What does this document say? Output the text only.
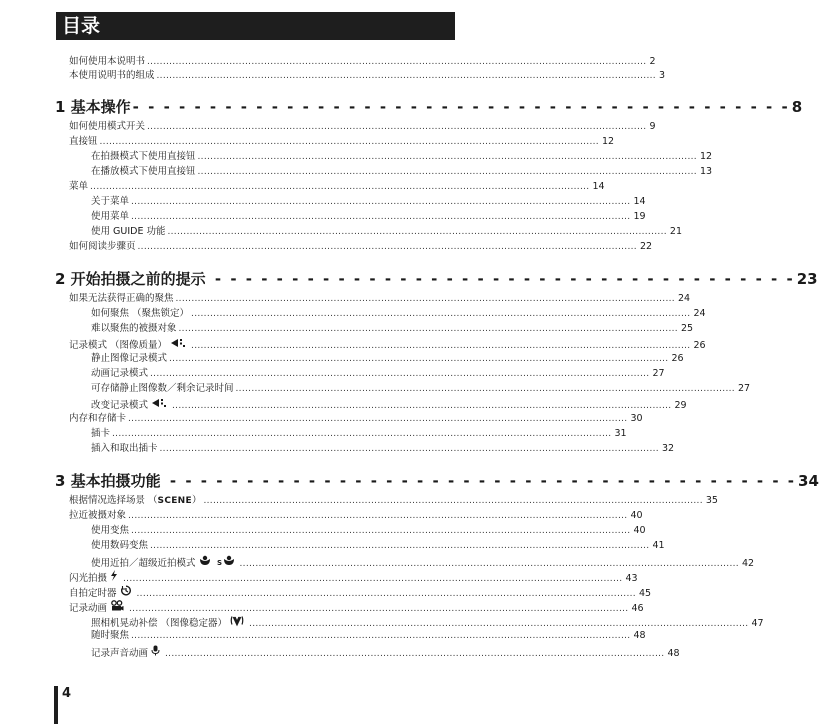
目录
如何使用本说明书 .............................................................................................................................................................. 2
本使用说明书的组成 .............................................................................................................................................................. 3
1 基本操作 - - - - - - - - - - - - - - - - - - - - - - - - - - - - - - - - - - - - - - - - - - - 8
如何使用模式开关 .............................................................................................................................................................. 9
直接钮 .............................................................................................................................................................. 12
在拍摄模式下使用直接钮 .............................................................................................................................................................. 12
在播放模式下使用直接钮 .............................................................................................................................................................. 13
菜单 .............................................................................................................................................................. 14
关于菜单 .............................................................................................................................................................. 14
使用菜单 .............................................................................................................................................................. 19
使用 GUIDE 功能 .............................................................................................................................................................. 21
如何阅读步骤页 .............................................................................................................................................................. 22
2 开始拍摄之前的提示 - - - - - - - - - - - - - - - - - - - - - - - - - - - - - - - - - - - - - - 23
如果无法获得正确的聚焦 .............................................................................................................................................................. 24
如何聚焦 （聚焦锁定） .............................................................................................................................................................. 24
难以聚焦的被摄对象 .............................................................................................................................................................. 25
记录模式 （图像质量）	.............................................................................................................................................................. 26
静止图像记录模式 .............................................................................................................................................................. 26
动画记录模式 .............................................................................................................................................................. 27
可存储静止图像数／剩余记录时间 .............................................................................................................................................................. 27
改变记录模式	.............................................................................................................................................................. 29
内存和存储卡 .............................................................................................................................................................. 30
插卡 .............................................................................................................................................................. 31
插入和取出插卡 .............................................................................................................................................................. 32
3 基本拍摄功能 - - - - - - - - - - - - - - - - - - - - - - - - - - - - - - - - - - - - - - - - - 34
根据情况选择场景 （ SCENE ） .............................................................................................................................................................. 35
拉近被摄对象 .............................................................................................................................................................. 40
使用变焦 .............................................................................................................................................................. 40
使用数码变焦 .............................................................................................................................................................. 41
使用近拍／超级近拍模式	S .............................................................................................................................................................. 42
闪光拍摄 .............................................................................................................................................................. 43
自拍定时器 .............................................................................................................................................................. 45
记录动画 .............................................................................................................................................................. 46
照相机晃动补偿 （图像稳定器） .............................................................................................................................................................. 47
随时聚焦 .............................................................................................................................................................. 48
记录声音动画 .............................................................................................................................................................. 48
4
